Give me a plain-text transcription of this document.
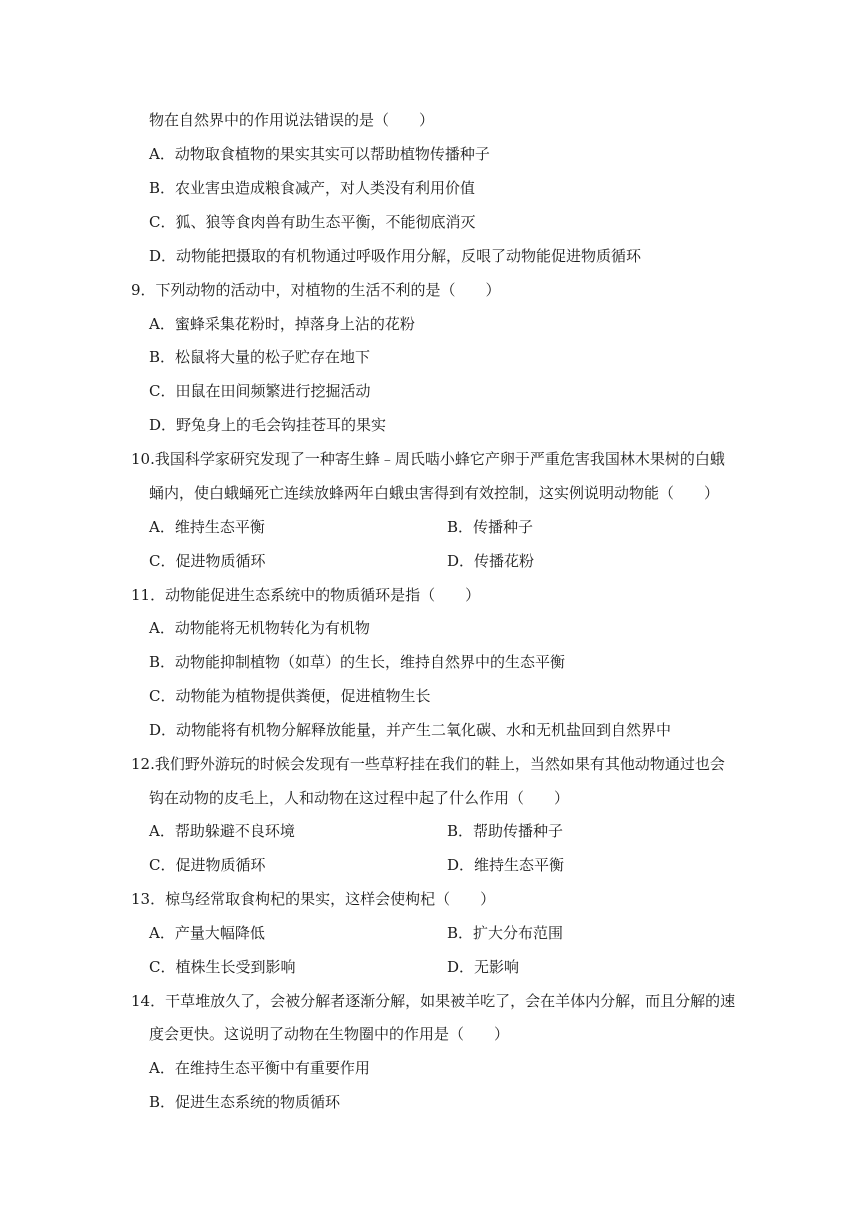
物在自然界中的作用说法错误的是（　　）
A．动物取食植物的果实其实可以帮助植物传播种子
B．农业害虫造成粮食减产，对人类没有利用价值
C．狐、狼等食肉兽有助生态平衡，不能彻底消灭
D．动物能把摄取的有机物通过呼吸作用分解，反哏了动物能促进物质循环
9．下列动物的活动中，对植物的生活不利的是（　　）
A．蜜蜂采集花粉时，掉落身上沾的花粉
B．松鼠将大量的松子贮存在地下
C．田鼠在田间频繁进行挖掘活动
D．野兔身上的毛会钩挂苍耳的果实
10.我国科学家研究发现了一种寄生蜂﹣周氏啮小蜂它产卵于严重危害我国林木果树的白蛾
蛹内，使白蛾蛹死亡连续放蜂两年白蛾虫害得到有效控制，这实例说明动物能（　　）
A．维持生态平衡	B．传播种子
C．促进物质循环	D．传播花粉
11．动物能促进生态系统中的物质循环是指（　　）
A．动物能将无机物转化为有机物
B．动物能抑制植物（如草）的生长，维持自然界中的生态平衡
C．动物能为植物提供粪便，促进植物生长
D．动物能将有机物分解释放能量，并产生二氧化碳、水和无机盐回到自然界中
12.我们野外游玩的时候会发现有一些草籽挂在我们的鞋上，当然如果有其他动物通过也会
钩在动物的皮毛上，人和动物在这过程中起了什么作用（　　）
A．帮助躲避不良环境	B．帮助传播种子
C．促进物质循环	D．维持生态平衡
13．椋鸟经常取食枸杞的果实，这样会使枸杞（　　）
A．产量大幅降低	B．扩大分布范围
C．植株生长受到影响	D．无影响
14．干草堆放久了，会被分解者逐渐分解，如果被羊吃了，会在羊体内分解，而且分解的速
度会更快。这说明了动物在生物圈中的作用是（　　）
A．在维持生态平衡中有重要作用
B．促进生态系统的物质循环
